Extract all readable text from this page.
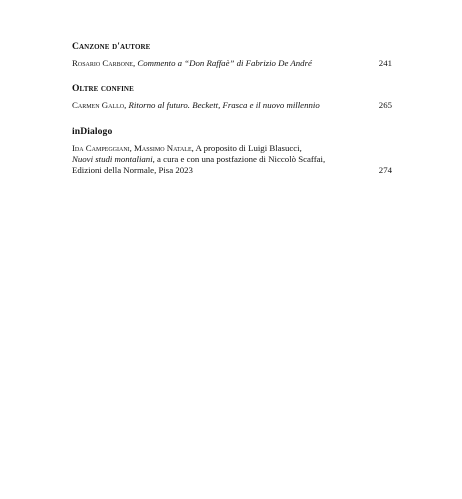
Canzone d'autore
Rosario Carbone, Commento a “Don Raffaè” di Fabrizio De André	241
Oltre confine
Carmen Gallo, Ritorno al futuro. Beckett, Frasca e il nuovo millennio	265
inDialogo
Ida Campeggiani, Massimo Natale, A proposito di Luigi Blasucci,
Nuovi studi montaliani, a cura e con una postfazione di Niccolò Scaffai,
Edizioni della Normale, Pisa 2023	274
